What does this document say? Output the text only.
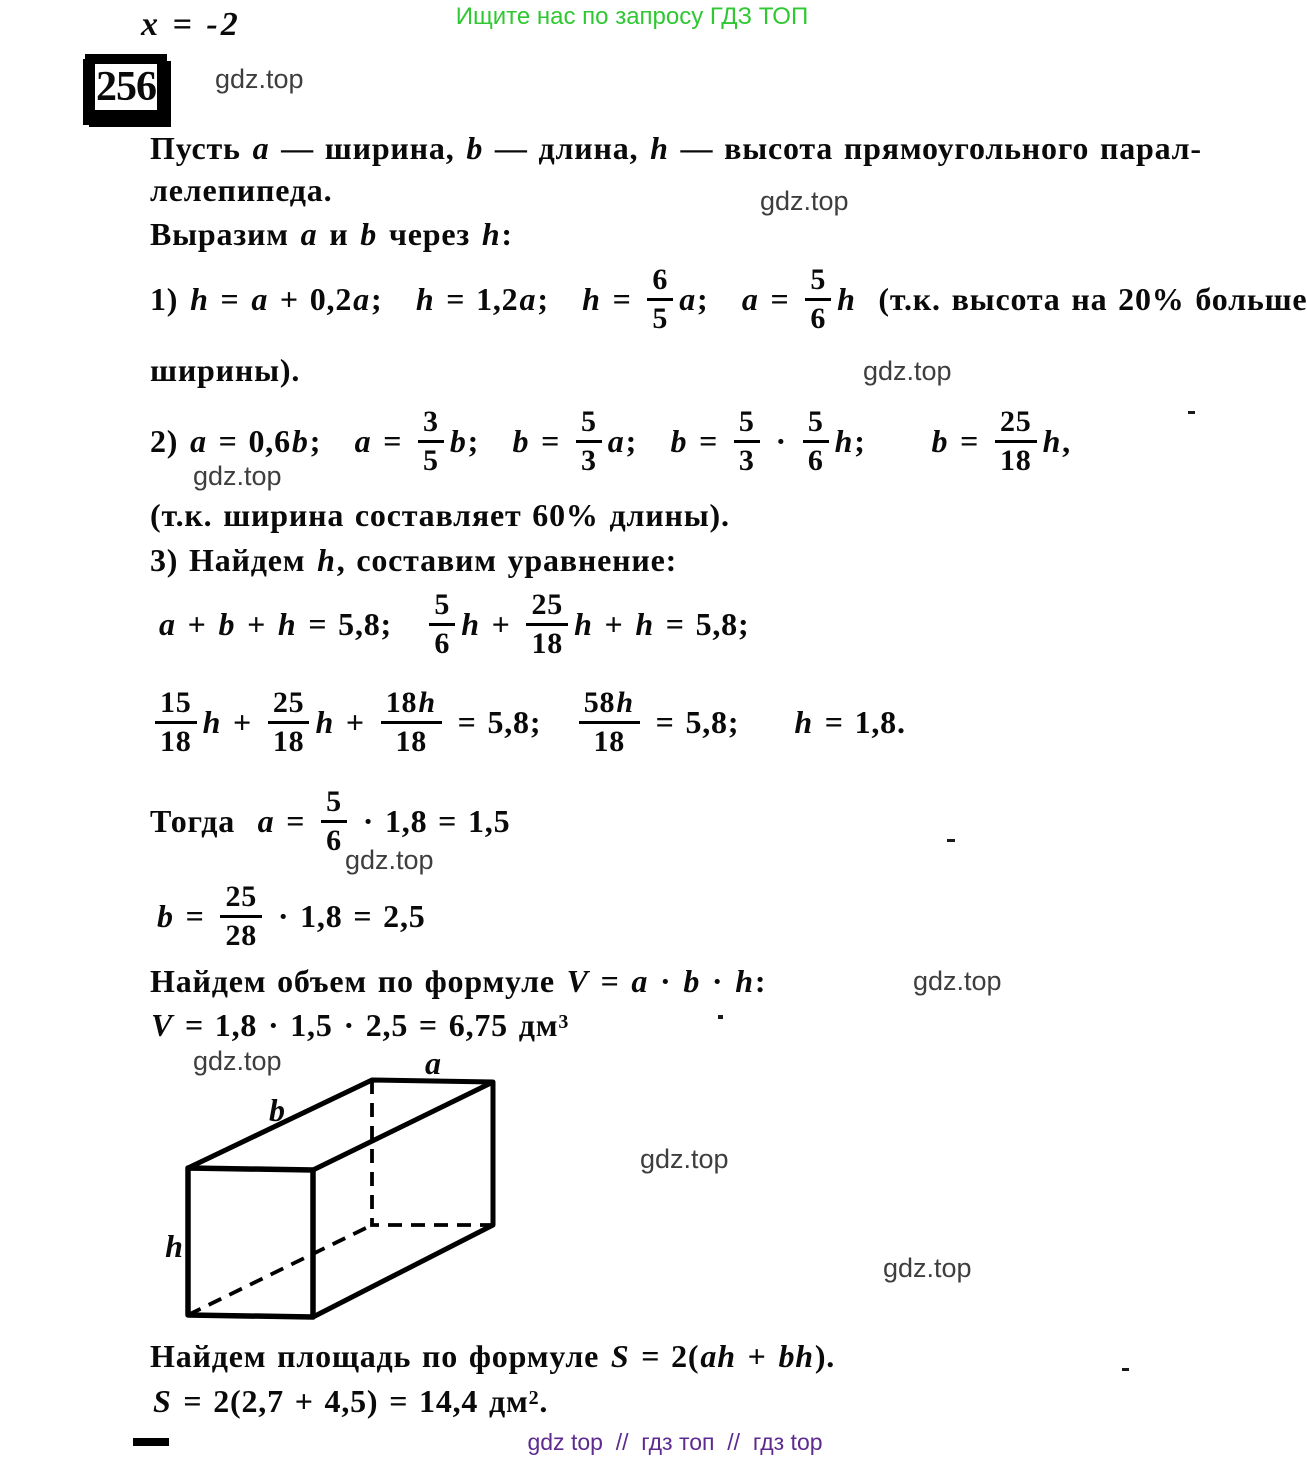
Ищите нас по запросу ГДЗ ТОП
x = -2
256 gdz.top
gdz.top
gdz.top
gdz.top
gdz.top
gdz.top
gdz.top
gdz.top
gdz.top
Пусть a — ширина, b — длина, h — высота прямоугольного парал-
лелепипеда.
Выразим a и b через h :
1) h = a + 0,2 a ; h = 1,2 a ; $h = \frac{6}{5}$ a ; $a = \frac{5}{6}$ h (т.к. высота на 20% больше
ширины).
2) a = 0,6 b ; $a = \frac{3}{5}$ b ; $b = \frac{5}{3}$ a ; $b = \frac{5}{3} \cdot \frac{5}{6}$ h ; $b = \frac{25}{18}$ h ,
(т.к. ширина составляет 60% длины).
3) Найдем h , составим уравнение:
a + b + h = 5,8; $\frac{5}{6}$ $h + \frac{25}{18}$ h + h = 5,8;
$\frac{15}{18}$ $h + \frac{25}{18}$ $h + \frac{18h}{18} = 5,8$; $\frac{58h}{18} = 5,8$; h = 1,8.
Тогда $a = \frac{5}{6} \cdot 1,8 = 1,5$
$b = \frac{25}{28} \cdot 1,8 = 2,5$
Найдем объем по формуле V = a · b · h :
V = 1,8 · 1,5 · 2,5 = 6,75 дм 3
a
b
h
Найдем площадь по формуле S = 2( ah + bh ).
S = 2(2,7 + 4,5) = 14,4 дм 2 .
gdz top  //  гдз топ  //  гдз top
